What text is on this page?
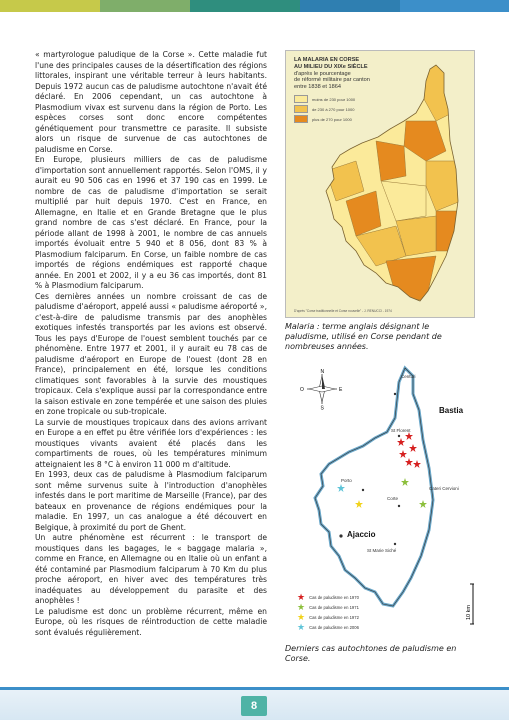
« martyrologue paludique de la Corse ». Cette maladie fut l'une des principales causes de la désertification des régions littorales, inspirant une véritable terreur à leurs habitants. Depuis 1972 aucun cas de paludisme autochtone n'avait été déclaré. En 2006 cependant, un cas autochtone à Plasmodium vivax est survenu dans la région de Porto. Les espèces corses sont donc encore compétentes génétiquement pour transmettre ce parasite. Il subsiste alors un risque de survenue de cas autochtones de paludisme en Corse.

En Europe, plusieurs milliers de cas de paludisme d'importation sont annuellement rapportés. Selon l'OMS, il y aurait eu 90 506 cas en 1996 et 37 190 cas en 1999. Le nombre de cas de paludisme d'importation se serait multiplié par huit depuis 1970. C'est en France, en Allemagne, en Italie et en Grande Bretagne que le plus grand nombre de cas s'est déclaré. En France, pour la période allant de 1998 à 2001, le nombre de cas annuels importés évoluait entre 5 940 et 8 056, dont 83 % à Plasmodium falciparum. En Corse, un faible nombre de cas importés de régions endémiques est rapporté chaque année. En 2001 et 2002, il y a eu 36 cas importés, dont 81 % à Plasmodium falciparum.

Ces dernières années un nombre croissant de cas de paludisme d'aéroport, appelé aussi « paludisme aéroporté », c'est-à-dire de paludisme transmis par des anophèles exotiques infestés transportés par les avions est observé. Tous les pays d'Europe de l'ouest semblent touchés par ce phénomène. Entre 1977 et 2001, il y aurait eu 78 cas de paludisme d'aéroport en Europe de l'ouest (dont 28 en France), principalement en été, lorsque les conditions climatiques sont favorables à la survie des moustiques tropicaux. Cela s'explique aussi par la correspondance entre la saison estivale en zone tempérée et une saison des pluies en zone tropicale ou sub-tropicale.

La survie de moustiques tropicaux dans des avions arrivant en Europe a en effet pu être vérifiée lors d'expériences : les moustiques vivants avaient été placés dans les compartiments de roues, où les températures minimum atteignaient les 8 °C à environ 11 000 m d'altitude.

En 1993, deux cas de paludisme à Plasmodium falciparum sont même survenus suite à l'introduction d'anophèles infestés dans le port maritime de Marseille (France), par des bateaux en provenance de régions endémiques pour la maladie. En 1997, un cas analogue a été découvert en Belgique, à proximité du port de Ghent.

Un autre phénomène est récurrent : le transport de moustiques dans les bagages, le « baggage malaria », comme en France, en Allemagne ou en Italie où un enfant a été contaminé par Plasmodium falciparum à 70 Km du plus proche aéroport, en hiver avec des températures très inadéquates au développement du parasite et des anophèles !

Le paludisme est donc un problème récurrent, même en Europe, où les risques de réintroduction de cette maladie sont évalués régulièrement.

LA MALARIA EN CORSE
AU MILIEU DU XIXe SIÈCLE
d'après le pourcentage
de réformé militaire par canton
entre 1838 et 1864
moins de 230 pour 1000
de 230 à 270 pour 1000
plus de 270 pour 1000
D'après "Corse traditionnelle et Corse nouvelle" - J. RENUCCI - 1974
Malaria : terme anglais désignant le paludisme, utilisé en Corse pendant de nombreuses années.
N
S
E
O
Bastia
Ajaccio
Centuri
St Florent
Porto
Corte
Cateri Cervioni
St Marie Siché
★ Cas de paludisme en 1970
★ Cas de paludisme en 1971
★ Cas de paludisme en 1972
★ Cas de paludisme en 2006
10 km
Derniers cas autochtones de paludisme en Corse.
8
